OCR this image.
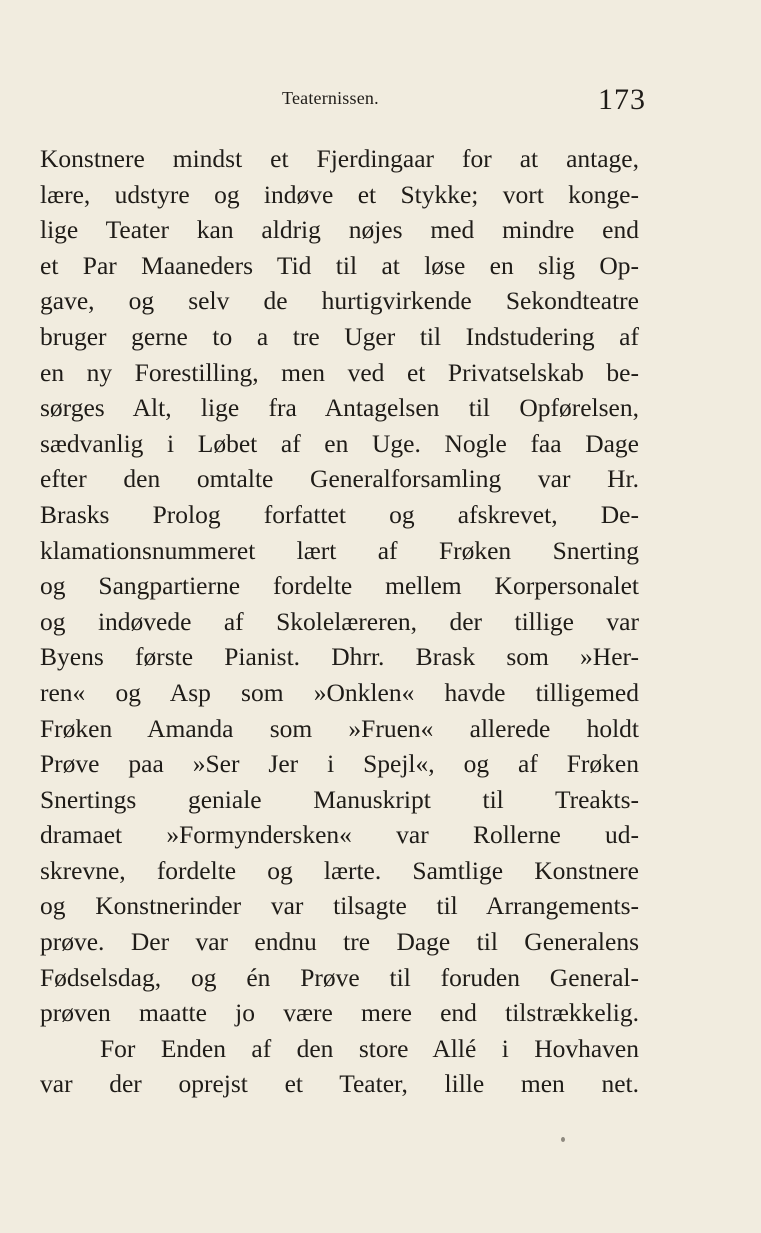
Teaternissen.	173
Konstnere mindst et Fjerdingaar for at antage,
lære, udstyre og indøve et Stykke; vort konge-
lige Teater kan aldrig nøjes med mindre end
et Par Maaneders Tid til at løse en slig Op-
gave, og selv de hurtigvirkende Sekondteatre
bruger gerne to a tre Uger til Indstudering af
en ny Forestilling, men ved et Privatselskab be-
sørges Alt, lige fra Antagelsen til Opførelsen,
sædvanlig i Løbet af en Uge. Nogle faa Dage
efter den omtalte Generalforsamling var Hr.
Brasks Prolog forfattet og afskrevet, De-
klamationsnummeret lært af Frøken Snerting
og Sangpartierne fordelte mellem Korpersonalet
og indøvede af Skolelæreren, der tillige var
Byens første Pianist. Dhrr. Brask som »Her-
ren« og Asp som »Onklen« havde tilligemed
Frøken Amanda som »Fruen« allerede holdt
Prøve paa »Ser Jer i Spejl«, og af Frøken
Snertings geniale Manuskript til Treakts-
dramaet »Formyndersken« var Rollerne ud-
skrevne, fordelte og lærte. Samtlige Konstnere
og Konstnerinder var tilsagte til Arrangements-
prøve. Der var endnu tre Dage til Generalens
Fødselsdag, og én Prøve til foruden General-
prøven maatte jo være mere end tilstrækkelig.
For Enden af den store Allé i Hovhaven
var der oprejst et Teater, lille men net.
